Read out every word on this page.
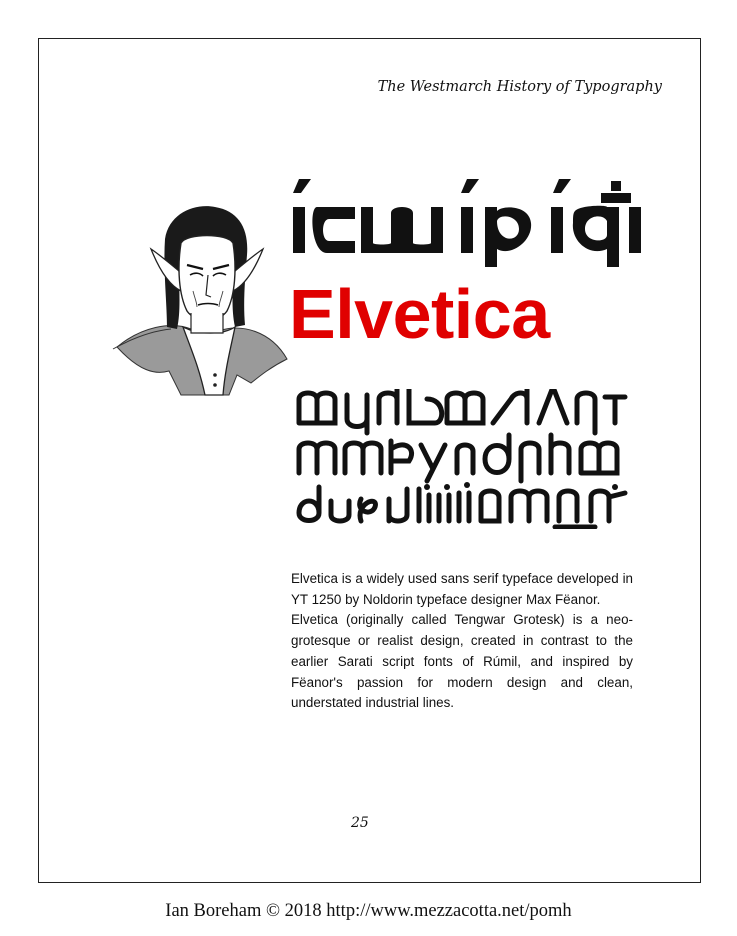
The Westmarch History of Typography
Elvetica

Elvetica is a widely used sans serif typeface developed in YT 1250 by Noldorin typeface designer Max Fëanor.

Elvetica (originally called Tengwar Grotesk) is a neo-grotesque or realist design, created in contrast to the earlier Sarati script fonts of Rúmil, and inspired by Fëanor's passion for modern design and clean, understated industrial lines.

25
Ian Boreham © 2018 http://www.mezzacotta.net/pomh
